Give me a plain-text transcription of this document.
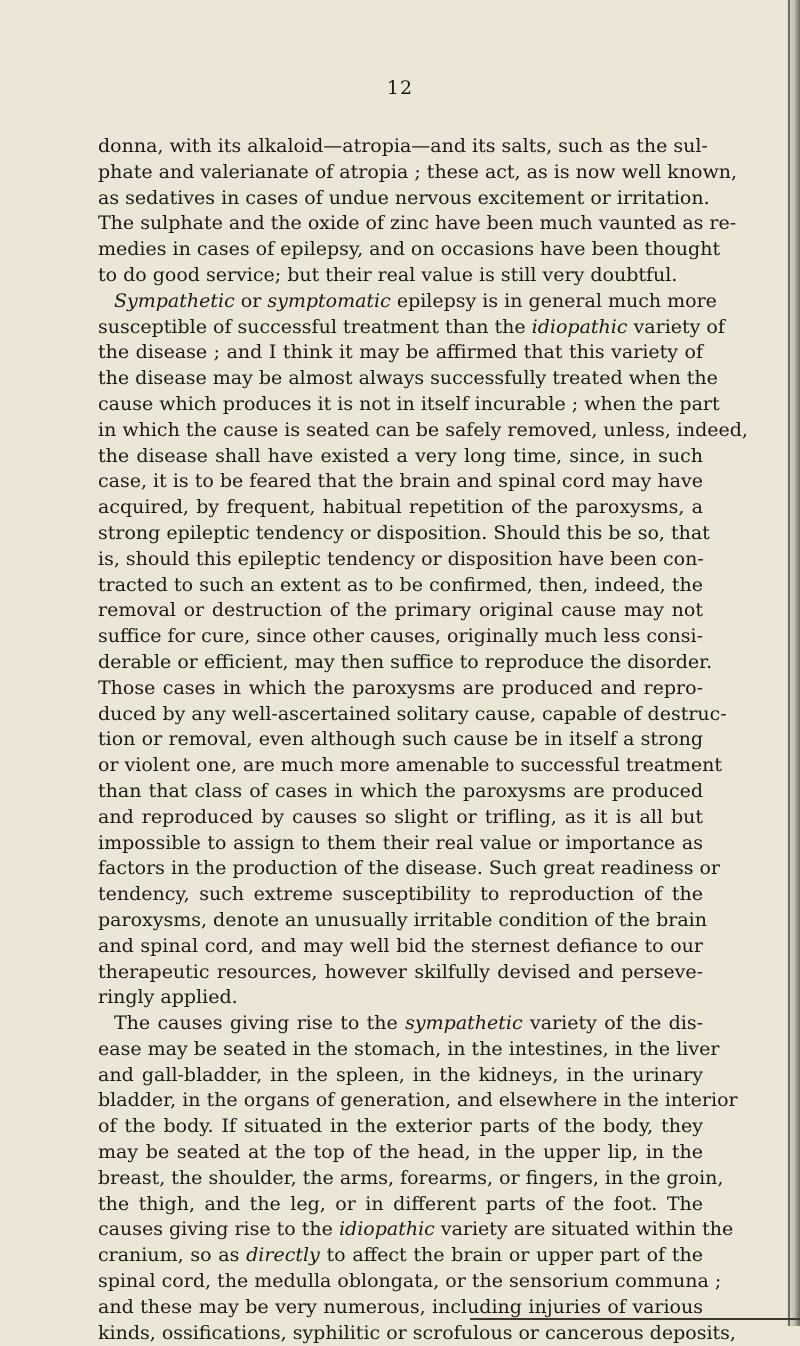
12
donna, with its alkaloid—atropia—and its salts, such as the sul-
phate and valerianate of atropia ; these act, as is now well known,
as sedatives in cases of undue nervous excitement or irritation.
The sulphate and the oxide of zinc have been much vaunted as re-
medies in cases of epilepsy, and on occasions have been thought
to do good service; but their real value is still very doubtful.
Sympathetic or symptomatic epilepsy is in general much more
susceptible of successful treatment than the idiopathic variety of
the disease ; and I think it may be affirmed that this variety of
the disease may be almost always successfully treated when the
cause which produces it is not in itself incurable ; when the part
in which the cause is seated can be safely removed, unless, indeed,
the disease shall have existed a very long time, since, in such
case, it is to be feared that the brain and spinal cord may have
acquired, by frequent, habitual repetition of the paroxysms, a
strong epileptic tendency or disposition. Should this be so, that
is, should this epileptic tendency or disposition have been con-
tracted to such an extent as to be confirmed, then, indeed, the
removal or destruction of the primary original cause may not
suffice for cure, since other causes, originally much less consi-
derable or efficient, may then suffice to reproduce the disorder.
Those cases in which the paroxysms are produced and repro-
duced by any well-ascertained solitary cause, capable of destruc-
tion or removal, even although such cause be in itself a strong
or violent one, are much more amenable to successful treatment
than that class of cases in which the paroxysms are produced
and reproduced by causes so slight or trifling, as it is all but
impossible to assign to them their real value or importance as
factors in the production of the disease. Such great readiness or
tendency, such extreme susceptibility to reproduction of the
paroxysms, denote an unusually irritable condition of the brain
and spinal cord, and may well bid the sternest defiance to our
therapeutic resources, however skilfully devised and perseve-
ringly applied.
The causes giving rise to the sympathetic variety of the dis-
ease may be seated in the stomach, in the intestines, in the liver
and gall-bladder, in the spleen, in the kidneys, in the urinary
bladder, in the organs of generation, and elsewhere in the interior
of the body. If situated in the exterior parts of the body, they
may be seated at the top of the head, in the upper lip, in the
breast, the shoulder, the arms, forearms, or fingers, in the groin,
the thigh, and the leg, or in different parts of the foot. The
causes giving rise to the idiopathic variety are situated within the
cranium, so as directly to affect the brain or upper part of the
spinal cord, the medulla oblongata, or the sensorium communa ;
and these may be very numerous, including injuries of various
kinds, ossifications, syphilitic or scrofulous or cancerous deposits,
